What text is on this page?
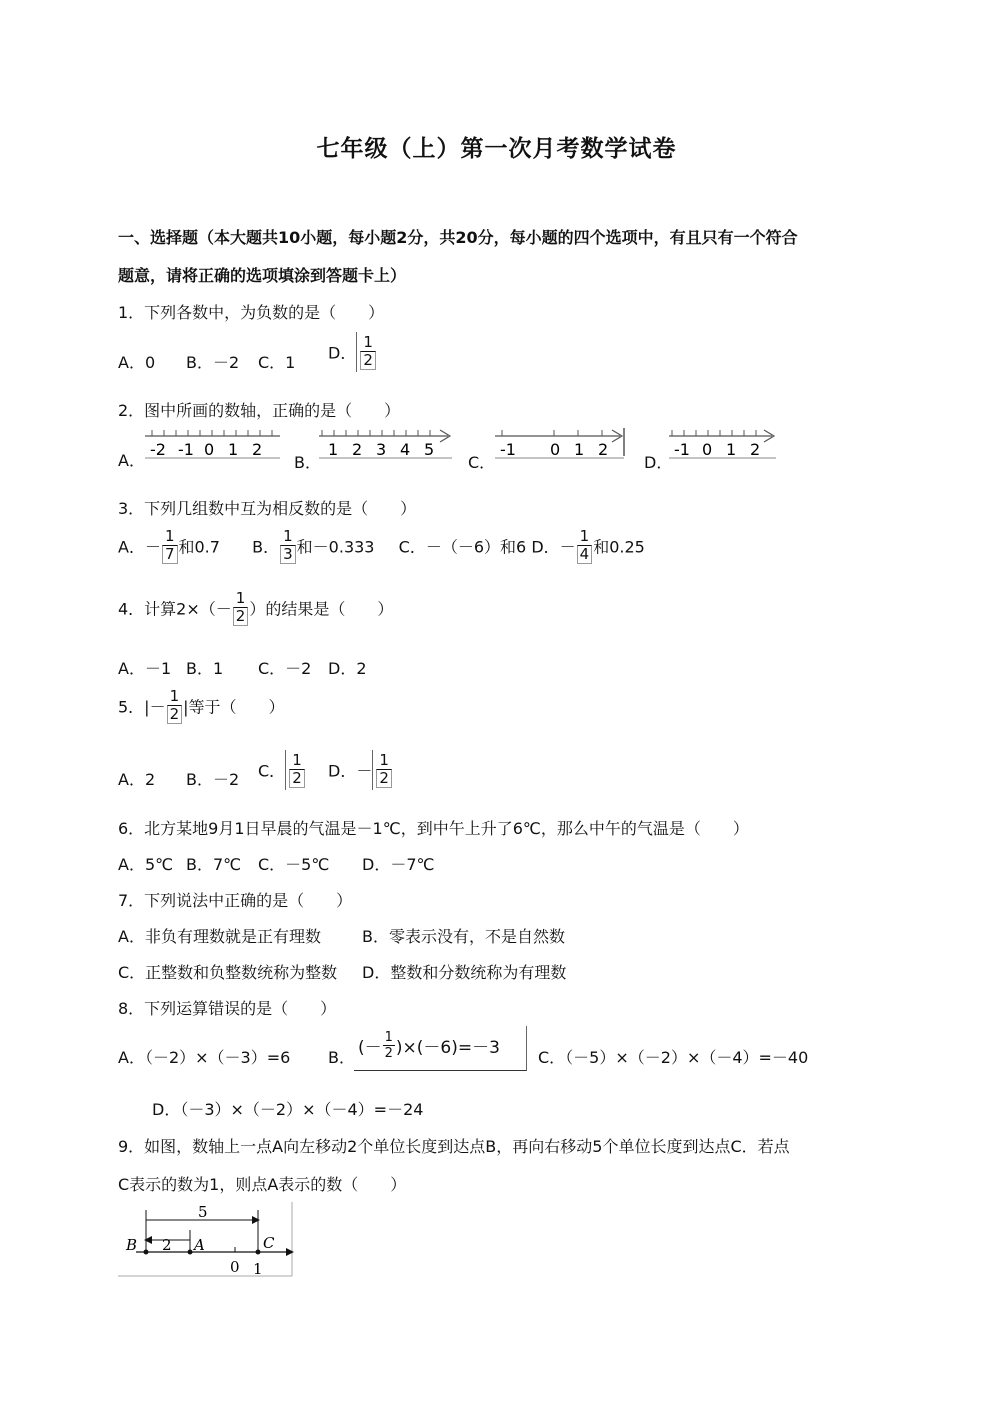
七年级（上）第一次月考数学试卷
一、选择题（本大题共10小题，每小题2分，共20分，每小题的四个选项中，有且只有一个符合
题意，请将正确的选项填涂到答题卡上）
1．下列各数中，为负数的是（　　）
A．0 B．－2 C．1 D． $\frac{1}{2}$
2．图中所画的数轴，正确的是（　　）
A．
-2 -1 0 1 2
B．
1 2 3 4 5
C．
-1 0 1 2
D．
-1 0 1 2
3．下列几组数中互为相反数的是（　　）
A．－ $\frac{1}{7}$ 和0.7 B． $\frac{1}{3}$ 和－0.333 C．－（－6）和6 D．－ $\frac{1}{4}$ 和0.25
4．计算$2\times(- \frac{1}{2}$ ）的结果是（　　）
A．－1 B．1 C．－2 D．2
5．|－ $\frac{1}{2}$ |等于（　　）
A．2 B．－2 C． $\frac{1}{2}$ D．－ $\frac{1}{2}$
6．北方某地9月1日早晨的气温是－1℃，到中午上升了6℃，那么中午的气温是（　　）
A．5℃ B．7℃ C．－5℃ D．－7℃
7．下列说法中正确的是（　　）
A．非负有理数就是正有理数	B．零表示没有，不是自然数
C．正整数和负整数统称为整数 D．整数和分数统称为有理数
8．下列运算错误的是（　　）
A．（－2）×（－3）=6 B． (－ $\frac{1}{2} )\times(-6)=-3$ C．（－5）×（－2）×（－4）=－40
D．（－3）×（－2）×（－4）=－24
9．如图，数轴上一点A向左移动2个单位长度到达点B，再向右移动5个单位长度到达点C．若点
C表示的数为1，则点A表示的数（　　）
5
2
B	A	C
0 1
